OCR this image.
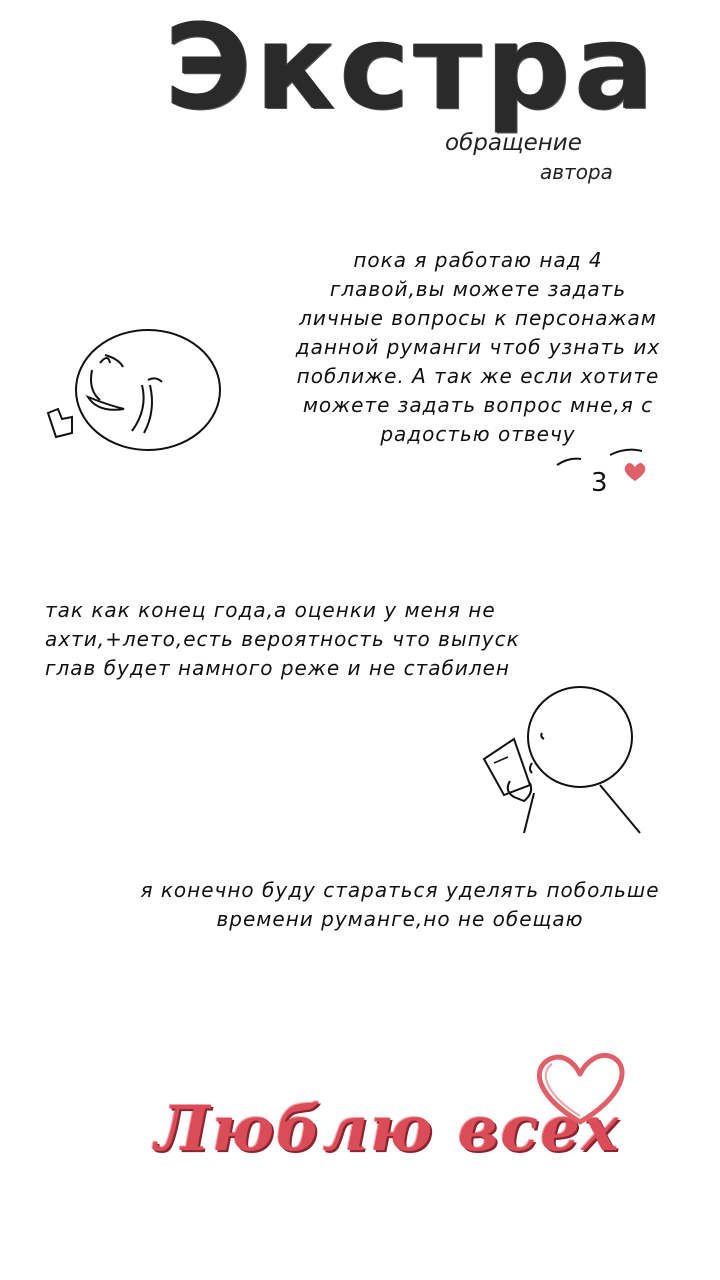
Экстра
обращение
автора
пока я работаю над 4
главой,вы можете задать
личные вопросы к персонажам
данной руманги чтоб узнать их
поближе. А так же если хотите
можете задать вопрос мне,я с
радостью отвечу
3
так как конец года,а оценки у меня не
ахти,+лето,есть вероятность что выпуск
глав будет намного реже и не стабилен
я конечно буду стараться уделять побольше
времени руманге,но не обещаю
Люблю всех
